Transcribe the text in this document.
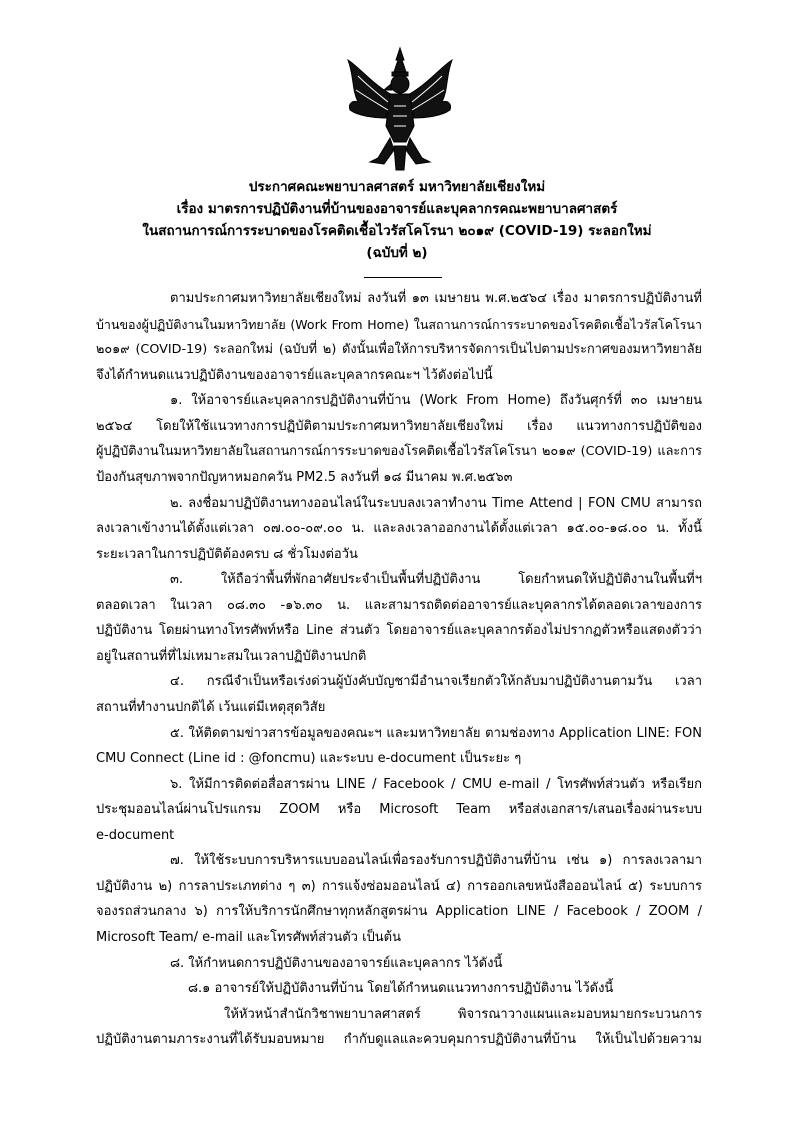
ประกาศคณะพยาบาลศาสตร์ มหาวิทยาลัยเชียงใหม่
เรื่อง มาตรการปฏิบัติงานที่บ้านของอาจารย์และบุคลากรคณะพยาบาลศาสตร์
ในสถานการณ์การระบาดของโรคติดเชื้อไวรัสโคโรนา ๒๐๑๙ (COVID-19) ระลอกใหม่
(ฉบับที่ ๒)
ตามประกาศมหาวิทยาลัยเชียงใหม่ ลงวันที่ ๑๓ เมษายน พ.ศ.๒๕๖๔ เรื่อง มาตรการปฏิบัติงานที่
บ้านของผู้ปฏิบัติงานในมหาวิทยาลัย (Work From Home) ในสถานการณ์การระบาดของโรคติดเชื้อไวรัสโคโรนา
๒๐๑๙ (COVID-19) ระลอกใหม่ (ฉบับที่ ๒) ดังนั้นเพื่อให้การบริหารจัดการเป็นไปตามประกาศของมหาวิทยาลัย
จึงได้กำหนดแนวปฏิบัติงานของอาจารย์และบุคลากรคณะฯ ไว้ดังต่อไปนี้
๑. ให้อาจารย์และบุคลากรปฏิบัติงานที่บ้าน (Work From Home) ถึงวันศุกร์ที่ ๓๐ เมษายน
๒๕๖๔ โดยให้ใช้แนวทางการปฏิบัติตามประกาศมหาวิทยาลัยเชียงใหม่ เรื่อง แนวทางการปฏิบัติของ
ผู้ปฏิบัติงานในมหาวิทยาลัยในสถานการณ์การระบาดของโรคติดเชื้อไวรัสโคโรนา ๒๐๑๙ (COVID-19) และการ
ป้องกันสุขภาพจากปัญหาหมอกควัน PM2.5 ลงวันที่ ๑๘ มีนาคม พ.ศ.๒๕๖๓
๒. ลงชื่อมาปฏิบัติงานทางออนไลน์ในระบบลงเวลาทำงาน Time Attend | FON CMU สามารถ
ลงเวลาเข้างานได้ตั้งแต่เวลา ๐๗.๐๐-๐๙.๐๐ น. และลงเวลาออกงานได้ตั้งแต่เวลา ๑๕.๐๐-๑๘.๐๐ น. ทั้งนี้
ระยะเวลาในการปฏิบัติต้องครบ ๘ ชั่วโมงต่อวัน
๓. ให้ถือว่าพื้นที่พักอาศัยประจำเป็นพื้นที่ปฏิบัติงาน โดยกำหนดให้ปฏิบัติงานในพื้นที่ฯ
ตลอดเวลา ในเวลา ๐๘.๓๐ -๑๖.๓๐ น. และสามารถติดต่ออาจารย์และบุคลากรได้ตลอดเวลาของการ
ปฏิบัติงาน โดยผ่านทางโทรศัพท์หรือ Line ส่วนตัว โดยอาจารย์และบุคลากรต้องไม่ปรากฏตัวหรือแสดงตัวว่า
อยู่ในสถานที่ที่ไม่เหมาะสมในเวลาปฏิบัติงานปกติ
๔. กรณีจำเป็นหรือเร่งด่วนผู้บังคับบัญชามีอำนาจเรียกตัวให้กลับมาปฏิบัติงานตามวัน เวลา
สถานที่ทำงานปกติได้ เว้นแต่มีเหตุสุดวิสัย
๕. ให้ติดตามข่าวสารข้อมูลของคณะฯ และมหาวิทยาลัย ตามช่องทาง Application LINE: FON
CMU Connect (Line id : @foncmu) และระบบ e-document เป็นระยะ ๆ
๖. ให้มีการติดต่อสื่อสารผ่าน LINE / Facebook / CMU e-mail / โทรศัพท์ส่วนตัว หรือเรียก
ประชุมออนไลน์ผ่านโปรแกรม ZOOM หรือ Microsoft Team หรือส่งเอกสาร/เสนอเรื่องผ่านระบบ
e-document
๗. ให้ใช้ระบบการบริหารแบบออนไลน์เพื่อรองรับการปฏิบัติงานที่บ้าน เช่น ๑) การลงเวลามา
ปฏิบัติงาน ๒) การลาประเภทต่าง ๆ ๓) การแจ้งซ่อมออนไลน์ ๔) การออกเลขหนังสือออนไลน์ ๕) ระบบการ
จองรถส่วนกลาง ๖) การให้บริการนักศึกษาทุกหลักสูตรผ่าน Application LINE / Facebook / ZOOM /
Microsoft Team/ e-mail และโทรศัพท์ส่วนตัว เป็นต้น
๘. ให้กำหนดการปฏิบัติงานของอาจารย์และบุคลากร ไว้ดังนี้
๘.๑ อาจารย์ให้ปฏิบัติงานที่บ้าน โดยได้กำหนดแนวทางการปฏิบัติงาน ไว้ดังนี้
ให้หัวหน้าสำนักวิชาพยาบาลศาสตร์ พิจารณาวางแผนและมอบหมายกระบวนการ
ปฏิบัติงานตามภาระงานที่ได้รับมอบหมาย กำกับดูแลและควบคุมการปฏิบัติงานที่บ้าน ให้เป็นไปด้วยความ
